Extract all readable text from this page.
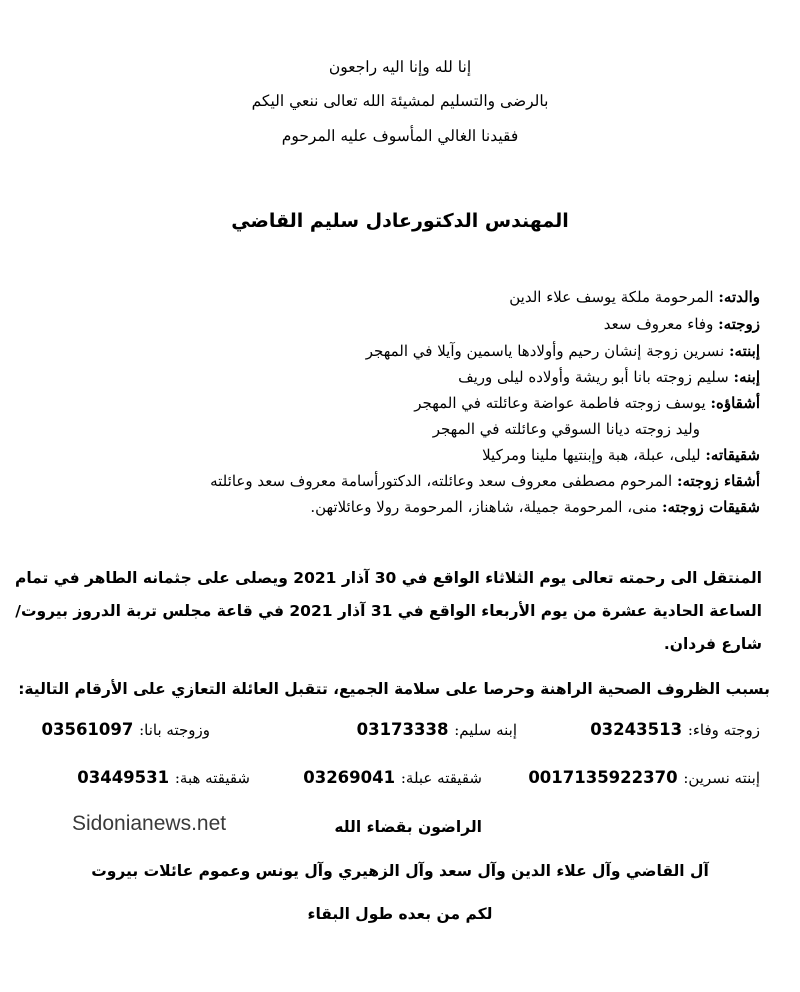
إنا لله وإنا اليه راجعون

بالرضى والتسليم لمشيئة الله تعالى ننعي اليكم

فقيدنا الغالي المأسوف عليه المرحوم

المهندس الدكتورعادل سليم القاضي

والدته: المرحومة ملكة يوسف علاء الدين

زوجته: وفاء معروف سعد

إبنته: نسرين زوجة إنشان رحيم وأولادها ياسمين وآيلا في المهجر

إبنه: سليم زوجته بانا أبو ريشة وأولاده ليلى وريف

أشقاؤه: يوسف زوجته فاطمة عواضة وعائلته في المهجر

وليد زوجته ديانا السوقي وعائلته في المهجر

شقيقاته: ليلى، عبلة، هبة وإبنتيها ملينا ومركيلا

أشقاء زوجته: المرحوم مصطفى معروف سعد وعائلته، الدكتورأسامة معروف سعد وعائلته

شقيقات زوجته: منى، المرحومة جميلة، شاهناز، المرحومة رولا وعائلاتهن.

المنتقل الى رحمته تعالى يوم الثلاثاء الواقع في 30 آذار 2021 ويصلى على جثمانه الطاهر في تمام

الساعة الحادية عشرة من يوم الأربعاء الواقع في 31 آذار 2021 في قاعة مجلس تربة الدروز بيروت/

شارع فردان.

بسبب الظروف الصحية الراهنة وحرصا على سلامة الجميع، تتقبل العائلة التعازي على الأرقام التالية:

زوجته وفاء: 03243513

إبنه سليم: 03173338

وزوجته بانا: 03561097

إبنته نسرين: 0017135922370

شقيقته عبلة: 03269041

شقيقته هبة: 03449531

Sidonianews.net	الراضون بقضاء الله

آل القاضي وآل علاء الدين وآل سعد وآل الزهيري وآل يونس وعموم عائلات بيروت

لكم من بعده طول البقاء
